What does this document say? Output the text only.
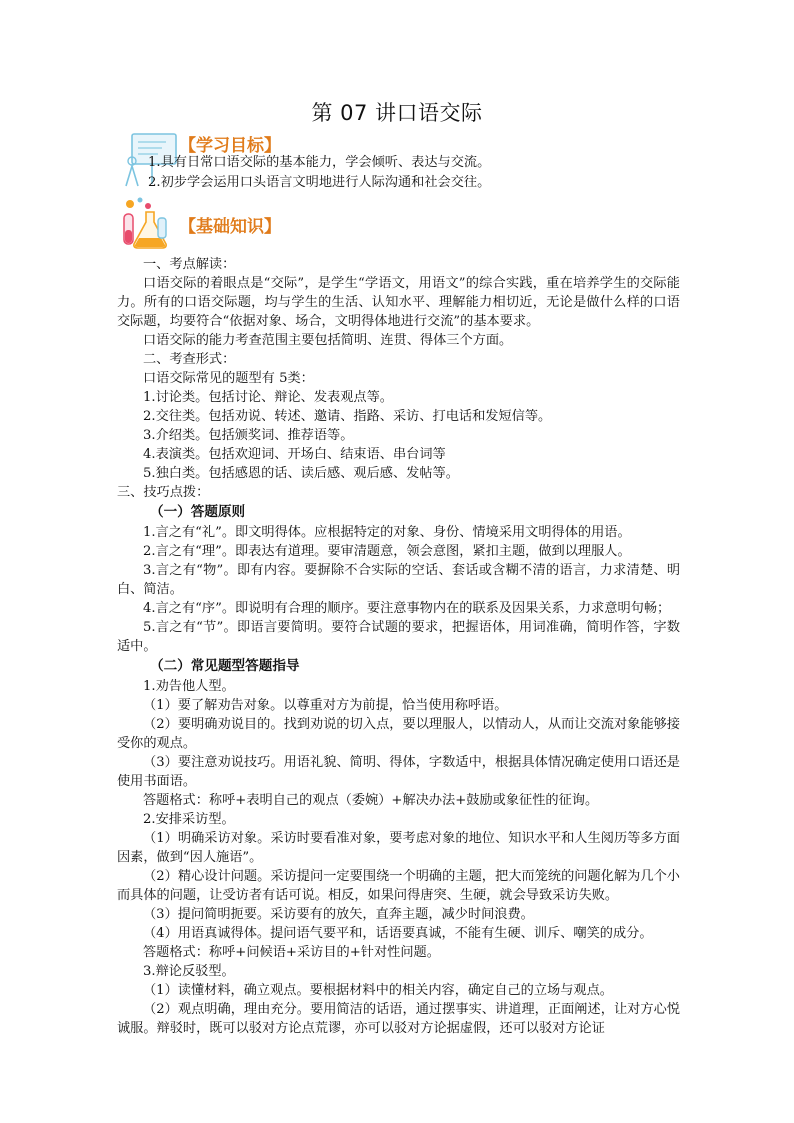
第 07 讲口语交际
【学习目标】
1.具有日常口语交际的基本能力，学会倾听、表达与交流。
2.初步学会运用口头语言文明地进行人际沟通和社会交往。
【基础知识】

一、考点解读：

口语交际的着眼点是“交际”，是学生“学语文，用语文”的综合实践，重在培养学生的交际能力。所有的口语交际题，均与学生的生活、认知水平、理解能力相切近，无论是做什么样的口语交际题，均要符合“依据对象、场合，文明得体地进行交流”的基本要求。

口语交际的能力考查范围主要包括简明、连贯、得体三个方面。

二、考查形式：

口语交际常见的题型有 5类：

1.讨论类。包括讨论、辩论、发表观点等。

2.交往类。包括劝说、转述、邀请、指路、采访、打电话和发短信等。

3.介绍类。包括颁奖词、推荐语等。

4.表演类。包括欢迎词、开场白、结束语、串台词等

5.独白类。包括感恩的话、读后感、观后感、发帖等。

三、技巧点拨：

（一）答题原则

1.言之有“礼”。即文明得体。应根据特定的对象、身份、情境采用文明得体的用语。

2.言之有“理”。即表达有道理。要审清题意，领会意图，紧扣主题，做到以理服人。

3.言之有“物”。即有内容。要摒除不合实际的空话、套话或含糊不清的语言，力求清楚、明白、简洁。

4.言之有“序”。即说明有合理的顺序。要注意事物内在的联系及因果关系，力求意明句畅；

5.言之有“节”。即语言要简明。要符合试题的要求，把握语体，用词准确，简明作答，字数适中。

（二）常见题型答题指导

1.劝告他人型。

（1）要了解劝告对象。以尊重对方为前提，恰当使用称呼语。

（2）要明确劝说目的。找到劝说的切入点，要以理服人，以情动人，从而让交流对象能够接受你的观点。

（3）要注意劝说技巧。用语礼貌、简明、得体，字数适中，根据具体情况确定使用口语还是使用书面语。

答题格式：称呼+表明自己的观点（委婉）+解决办法+鼓励或象征性的征询。

2.安排采访型。

（1）明确采访对象。采访时要看准对象，要考虑对象的地位、知识水平和人生阅历等多方面因素，做到“因人施语”。

（2）精心设计问题。采访提问一定要围绕一个明确的主题，把大而笼统的问题化解为几个小而具体的问题，让受访者有话可说。相反，如果问得唐突、生硬，就会导致采访失败。

（3）提问简明扼要。采访要有的放矢，直奔主题，减少时间浪费。

（4）用语真诚得体。提问语气要平和，话语要真诚，不能有生硬、训斥、嘲笑的成分。

答题格式：称呼+问候语+采访目的+针对性问题。

3.辩论反驳型。

（1）读懂材料，确立观点。要根据材料中的相关内容，确定自己的立场与观点。

（2）观点明确，理由充分。要用简洁的话语，通过摆事实、讲道理，正面阐述，让对方心悦诚服。辩驳时，既可以驳对方论点荒谬，亦可以驳对方论据虚假，还可以驳对方论证
